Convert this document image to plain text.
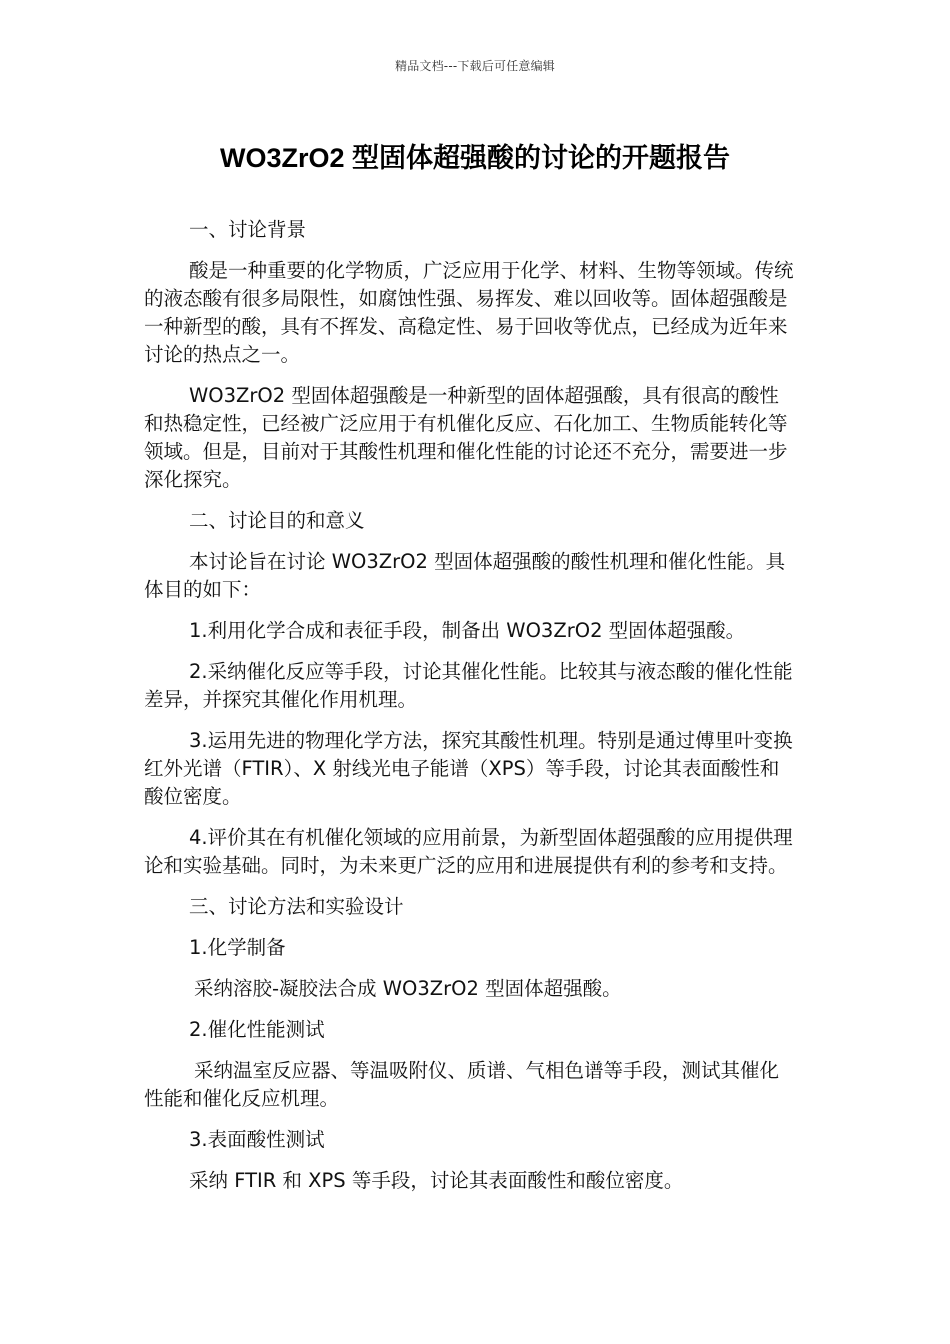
精品文档---下载后可任意编辑
WO3ZrO2 型固体超强酸的讨论的开题报告

一、讨论背景

酸是一种重要的化学物质，广泛应用于化学、材料、生物等领域。传统的液态酸有很多局限性，如腐蚀性强、易挥发、难以回收等。固体超强酸是一种新型的酸，具有不挥发、高稳定性、易于回收等优点，已经成为近年来讨论的热点之一。

WO3ZrO2 型固体超强酸是一种新型的固体超强酸，具有很高的酸性和热稳定性，已经被广泛应用于有机催化反应、石化加工、生物质能转化等领域。但是，目前对于其酸性机理和催化性能的讨论还不充分，需要进一步深化探究。

二、讨论目的和意义

本讨论旨在讨论 WO3ZrO2 型固体超强酸的酸性机理和催化性能。具体目的如下：

1.利用化学合成和表征手段，制备出 WO3ZrO2 型固体超强酸。

2.采纳催化反应等手段，讨论其催化性能。比较其与液态酸的催化性能差异，并探究其催化作用机理。

3.运用先进的物理化学方法，探究其酸性机理。特别是通过傅里叶变换红外光谱（FTIR）、X 射线光电子能谱（XPS）等手段，讨论其表面酸性和酸位密度。

4.评价其在有机催化领域的应用前景，为新型固体超强酸的应用提供理论和实验基础。同时，为未来更广泛的应用和进展提供有利的参考和支持。

三、讨论方法和实验设计

1.化学制备

采纳溶胶-凝胶法合成 WO3ZrO2 型固体超强酸。

2.催化性能测试

采纳温室反应器、等温吸附仪、质谱、气相色谱等手段，测试其催化性能和催化反应机理。

3.表面酸性测试

采纳 FTIR 和 XPS 等手段，讨论其表面酸性和酸位密度。
